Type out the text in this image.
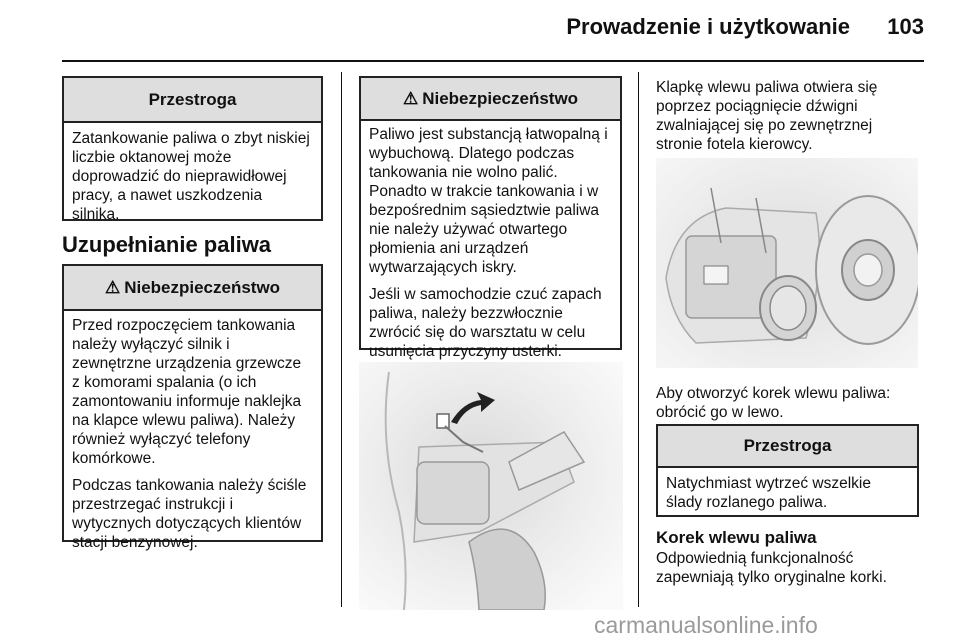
Prowadzenie i użytkowanie	103
Przestroga

Zatankowanie paliwa o zbyt niskiej liczbie oktanowej może doprowadzić do nieprawidłowej pracy, a nawet uszkodzenia silnika.

Uzupełnianie paliwa
⚠ Niebezpieczeństwo

Przed rozpoczęciem tankowania należy wyłączyć silnik i zewnętrzne urządzenia grzewcze z komorami spalania (o ich zamontowaniu informuje naklejka na klapce wlewu paliwa). Należy również wyłączyć telefony komórkowe.

Podczas tankowania należy ściśle przestrzegać instrukcji i wytycznych dotyczących klientów stacji benzynowej.

⚠ Niebezpieczeństwo

Paliwo jest substancją łatwopalną i wybuchową. Dlatego podczas tankowania nie wolno palić. Ponadto w trakcie tankowania i w bezpośrednim sąsiedztwie paliwa nie należy używać otwartego płomienia ani urządzeń wytwarzających iskry.

Jeśli w samochodzie czuć zapach paliwa, należy bezzwłocznie zwrócić się do warsztatu w celu usunięcia przyczyny usterki.

Klapkę wlewu paliwa otwiera się poprzez pociągnięcie dźwigni zwalniającej się po zewnętrznej stronie fotela kierowcy.

Aby otworzyć korek wlewu paliwa: obrócić go w lewo.

Przestroga

Natychmiast wytrzeć wszelkie ślady rozlanego paliwa.

Korek wlewu paliwa

Odpowiednią funkcjonalność zapewniają tylko oryginalne korki.

carmanualsonline.info
